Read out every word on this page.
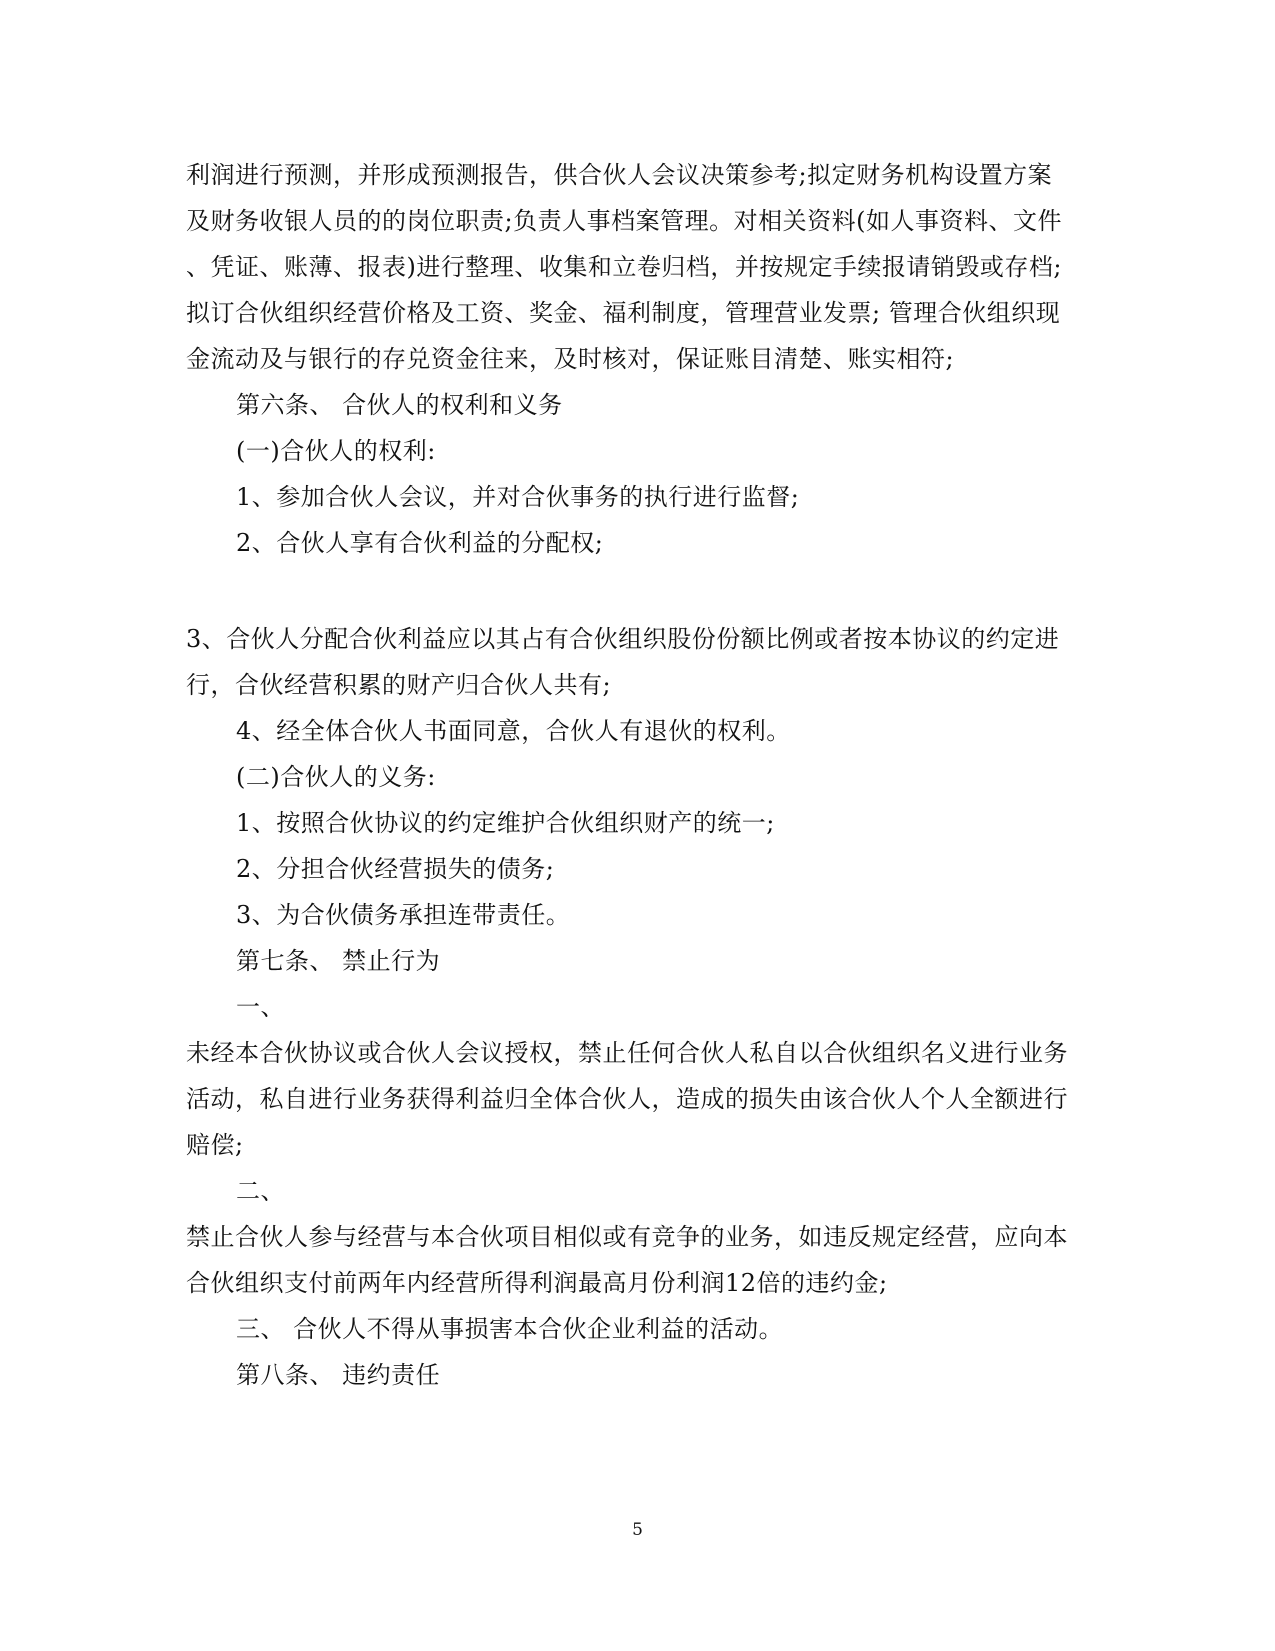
利润进行预测，并形成预测报告，供合伙人会议决策参考;拟定财务机构设置方案
及财务收银人员的的岗位职责;负责人事档案管理。对相关资料(如人事资料、文件
、凭证、账薄、报表)进行整理、收集和立卷归档，并按规定手续报请销毁或存档;
拟订合伙组织经营价格及工资、奖金、福利制度，管理营业发票; 管理合伙组织现
金流动及与银行的存兑资金往来，及时核对，保证账目清楚、账实相符;
第六条、 合伙人的权利和义务
(一)合伙人的权利:
1、参加合伙人会议，并对合伙事务的执行进行监督;
2、合伙人享有合伙利益的分配权;
3、合伙人分配合伙利益应以其占有合伙组织股份份额比例或者按本协议的约定进
行，合伙经营积累的财产归合伙人共有;
4、经全体合伙人书面同意，合伙人有退伙的权利。
(二)合伙人的义务:
1、按照合伙协议的约定维护合伙组织财产的统一;
2、分担合伙经营损失的债务;
3、为合伙债务承担连带责任。
第七条、 禁止行为
一、
未经本合伙协议或合伙人会议授权，禁止任何合伙人私自以合伙组织名义进行业务
活动，私自进行业务获得利益归全体合伙人，造成的损失由该合伙人个人全额进行
赔偿;
二、
禁止合伙人参与经营与本合伙项目相似或有竞争的业务，如违反规定经营，应向本
合伙组织支付前两年内经营所得利润最高月份利润12倍的违约金;
三、 合伙人不得从事损害本合伙企业利益的活动。
第八条、 违约责任
5
